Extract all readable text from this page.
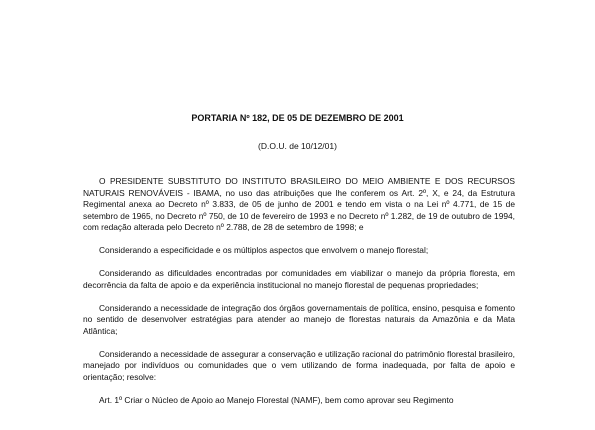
PORTARIA Nº 182, DE 05 DE DEZEMBRO DE 2001
(D.O.U. de 10/12/01)

O PRESIDENTE SUBSTITUTO DO INSTITUTO BRASILEIRO DO MEIO AMBIENTE E DOS RECURSOS NATURAIS RENOVÁVEIS - IBAMA, no uso das atribuições que lhe conferem os Art. 2º, X, e 24, da Estrutura Regimental anexa ao Decreto nº 3.833, de 05 de junho de 2001 e tendo em vista o na Lei nº 4.771, de 15 de setembro de 1965, no Decreto nº 750, de 10 de fevereiro de 1993 e no Decreto nº 1.282, de 19 de outubro de 1994, com redação alterada pelo Decreto nº 2.788, de 28 de setembro de 1998; e

Considerando a especificidade e os múltiplos aspectos que envolvem o manejo florestal;

Considerando as dificuldades encontradas por comunidades em viabilizar o manejo da própria floresta, em decorrência da falta de apoio e da experiência institucional no manejo florestal de pequenas propriedades;

Considerando a necessidade de integração dos órgãos governamentais de política, ensino, pesquisa e fomento no sentido de desenvolver estratégias para atender ao manejo de florestas naturais da Amazônia e da Mata Atlântica;

Considerando a necessidade de assegurar a conservação e utilização racional do patrimônio florestal brasileiro, manejado por indivíduos ou comunidades que o vem utilizando de forma inadequada, por falta de apoio e orientação; resolve:

Art. 1º Criar o Núcleo de Apoio ao Manejo Florestal (NAMF), bem como aprovar seu Regimento
